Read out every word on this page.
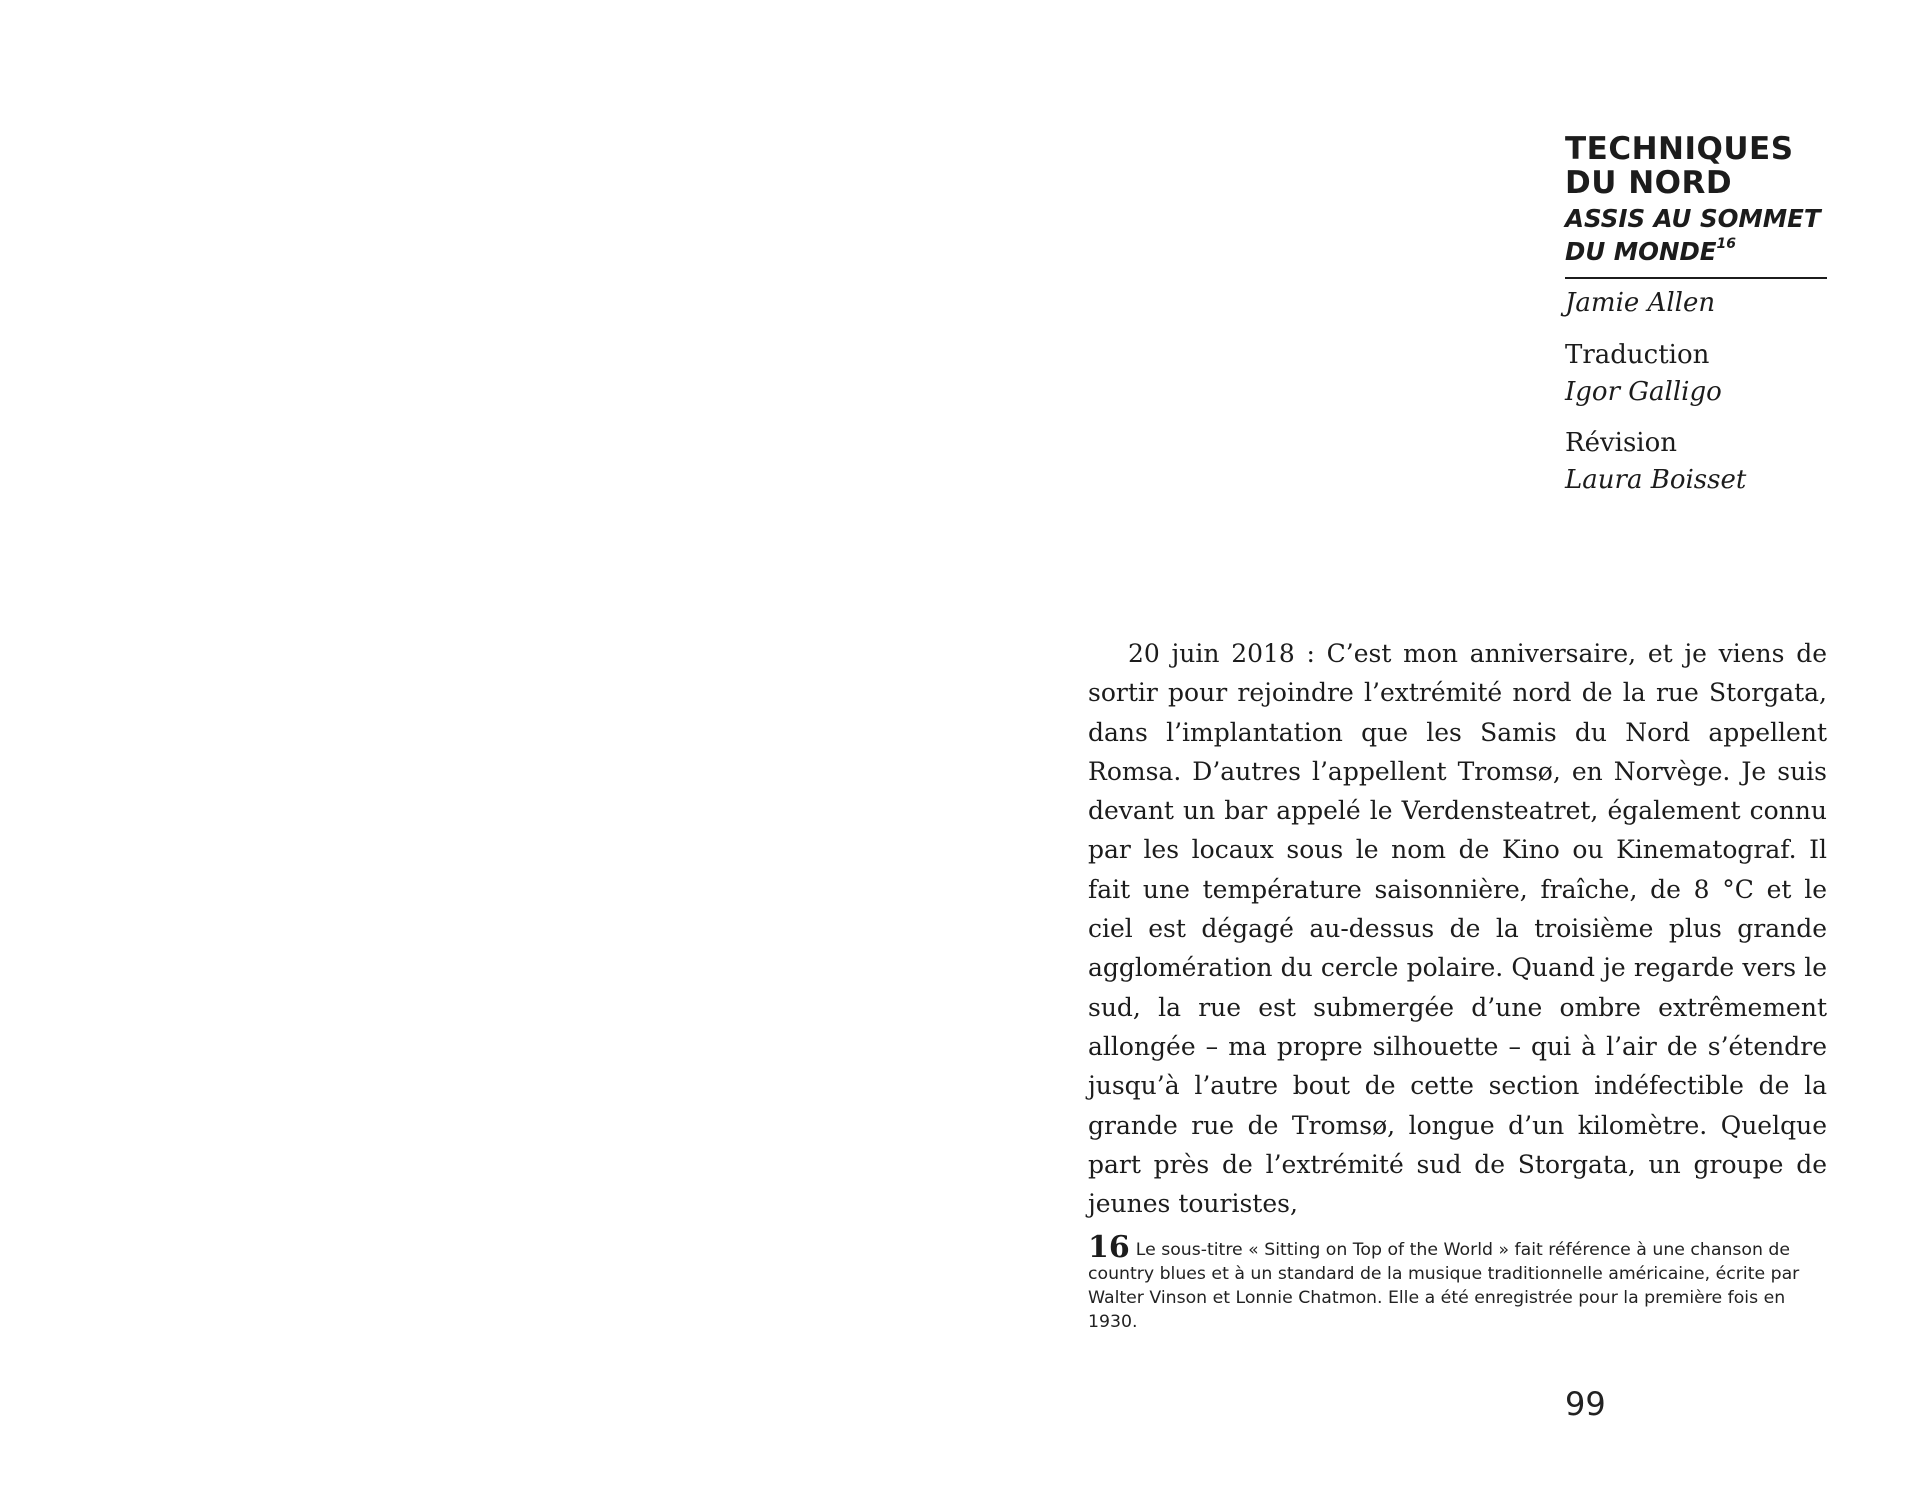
TECHNIQUES
DU NORD
ASSIS AU SOMMET
DU MONDE$^{16}$
Jamie Allen
Traduction
Igor Galligo
Révision
Laura Boisset

20 juin 2018 : C’est mon anniversaire, et je viens de sortir pour rejoindre l’extrémité nord de la rue Storgata, dans l’implantation que les Samis du Nord appellent Romsa. D’autres l’appellent Tromsø, en Norvège. Je suis devant un bar appelé le Verdensteatret, également connu par les locaux sous le nom de Kino ou Kinematograf. Il fait une température saisonnière, fraîche, de 8 °C et le ciel est dégagé au-dessus de la troisième plus grande agglomération du cercle polaire. Quand je regarde vers le sud, la rue est submergée d’une ombre extrêmement allongée – ma propre silhouette – qui à l’air de s’étendre jusqu’à l’autre bout de cette section indéfectible de la grande rue de Tromsø, longue d’un kilomètre. Quelque part près de l’extrémité sud de Storgata, un groupe de jeunes touristes,

16 Le sous-titre « Sitting on Top of the World » fait référence à une chanson de country blues et à un standard de la musique traditionnelle américaine, écrite par Walter Vinson et Lonnie Chatmon. Elle a été enregistrée pour la première fois en 1930.

99
